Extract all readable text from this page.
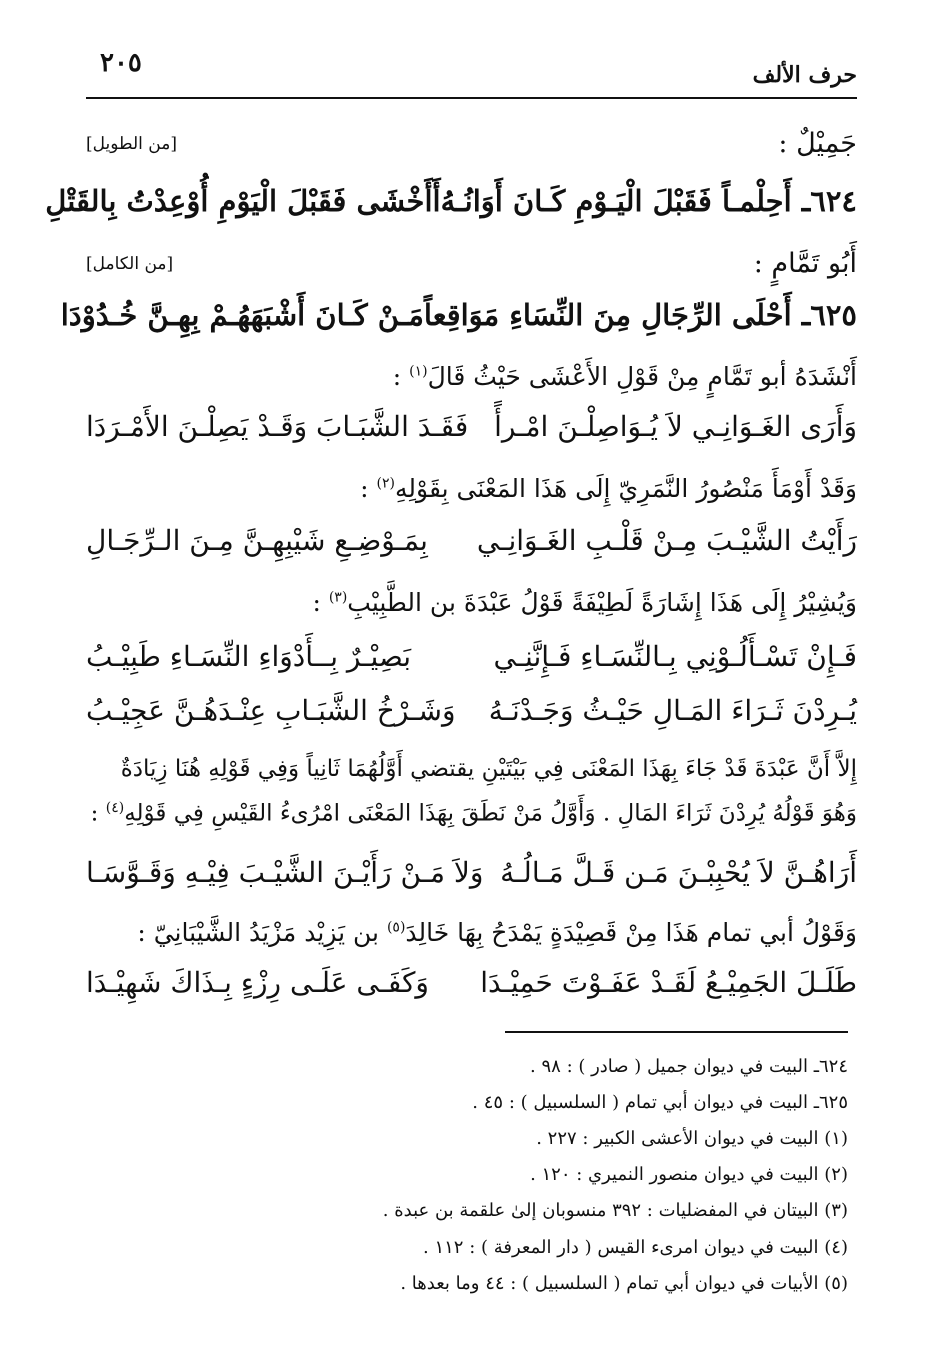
حرف الألف
٢٠٥
جَمِيْلٌ :
[من الطويل]
٦٢٤ـ أَحِلْمـاً فَقَبْلَ الْيَـوْمِ كَـانَ أَوَانُـهُ
أَأَخْشَى فَقَبْلَ الْيَوْمِ أُوْعِدْتُ بِالقَتْلِ
أَبُو تَمَّامٍ :
[من الكامل]
٦٢٥ـ أَحْلَى الرِّجَالِ مِنَ النِّسَاءِ مَوَاقِعاً
مَـنْ كَـانَ أَشْبَهَهُـمْ بِهِـنَّ خُـدُوْدَا
أَنْشَدَهُ أبو تَمَّامٍ مِنْ قَوْلِ الأَعْشَى حَيْثُ قَالَ$^{(١)}$ :
وَأَرَى الغَـوَانِـي لاَ يُـوَاصِلْـنَ امْـرأً
فَقَـدَ الشَّبَـابَ وَقَـدْ يَصِلْـنَ الأَمْـرَدَا
وَقَدْ أَوْمَأَ مَنْصُورُ النَّمَرِيّ إِلَى هَذَا المَعْنَى بِقَوْلِهِ$^{(٢)}$ :
رَأَيْتُ الشَّيْـبَ مِـنْ قَلْـبِ الغَـوَانِـي
بِمَـوْضِـعِ شَيْبِهِـنَّ مِـنَ الـرِّجَـالِ
وَيُشِيْرُ إِلَى هَذَا إِشَارَةً لَطِيْفَةً قَوْلُ عَبْدَةَ بن الطَّبِيْبِ$^{(٣)}$ :
فَـإِنْ تَسْـأَلُـوْنِي بِـالنِّسَـاءِ فَـإِنَّنِـي
بَصِيْـرٌ بِــأَدْوَاءِ النِّسَـاءِ طَبِيْـبُ
يُـرِدْنَ ثَـرَاءَ المَـالِ حَيْـثُ وَجَـدْنَـهُ
وَشَـرْخُ الشَّبَـابِ عِنْـدَهُـنَّ عَجِيْـبُ
إِلاَّ أَنَّ عَبْدَةَ قَدْ جَاءَ بِهَذَا المَعْنَى فِي بَيْتَيْنِ يقتضي أَوَّلُهُمَا ثَانِياً وَفِي قَوْلِهِ هُنَا زِيَادَةٌ
وَهُوَ قَوْلُهُ يُرِدْنَ ثَرَاءَ المَالِ . وَأَوَّلُ مَنْ نَطَقَ بِهَذَا المَعْنَى امْرُىءُ القَيْسِ فِي قَوْلِهِ$^{(٤)}$ :
أَرَاهُـنَّ لاَ يُحْبِبْـنَ مَـن قَـلَّ مَـالُـهُ
وَلاَ مَـنْ رَأَيْـنَ الشَّيْـبَ فِيْـهِ وَقَـوَّسَـا
وَقَوْلُ أبي تمام هَذَا مِنْ قَصِيْدَةٍ يَمْدَحُ بِهَا خَالِدَ$^{(٥)}$ بن يَزِيْد مَزْيَدُ الشَّيْبَانِيّ :
طَلَـلَ الجَمِيْـعُ لَقَـدْ عَفَـوْتَ حَمِيْـدَا
وَكَفَـى عَلَـى رِزْءٍ بِـذَاكَ شَهِيْـدَا
٦٢٤ـ البيت في ديوان جميل ( صادر ) : ٩٨ .
٦٢٥ـ البيت في ديوان أبي تمام ( السلسبيل ) : ٤٥ .
(١) البيت في ديوان الأعشى الكبير : ٢٢٧ .
(٢) البيت في ديوان منصور النميري : ١٢٠ .
(٣) البيتان في المفضليات : ٣٩٢ منسوبان إلىٰ علقمة بن عبدة .
(٤) البيت في ديوان امرىء القيس ( دار المعرفة ) : ١١٢ .
(٥) الأبيات في ديوان أبي تمام ( السلسبيل ) : ٤٤ وما بعدها .
